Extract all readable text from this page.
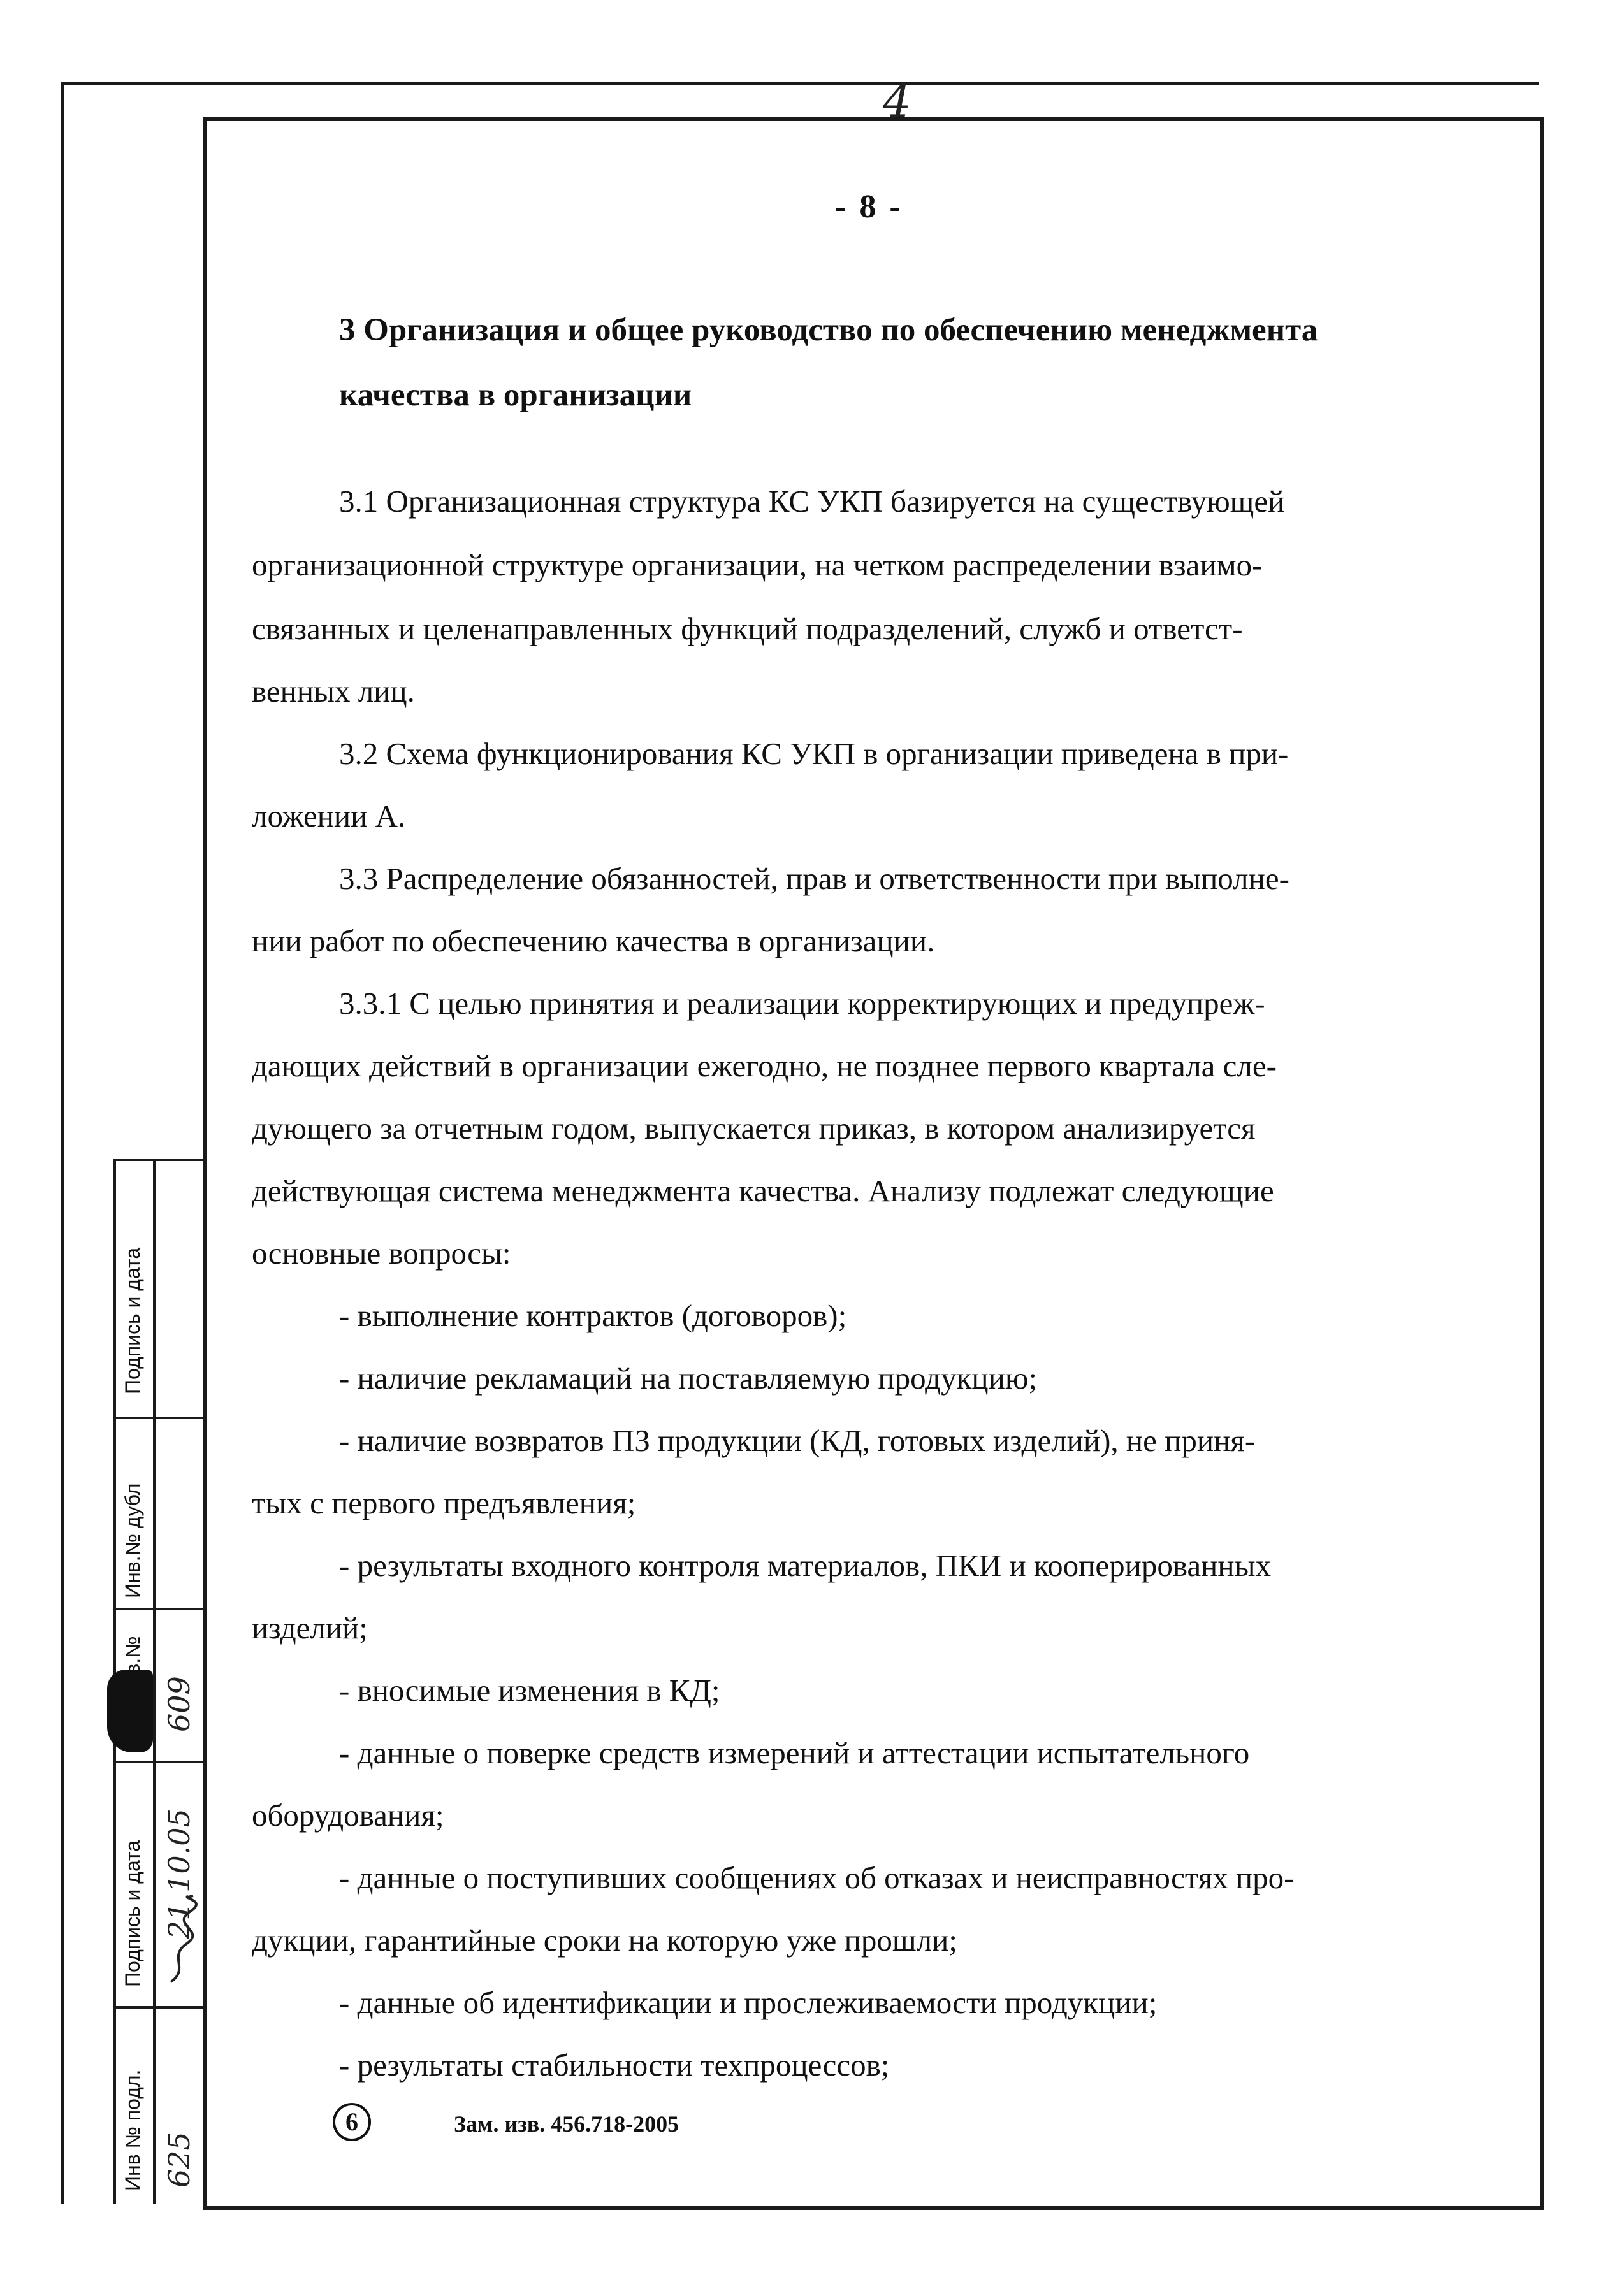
4
- 8 -
3 Организация и общее руководство по обеспечению менеджмента
качества в организации
3.1 Организационная структура КС УКП базируется на существующей
организационной структуре организации, на четком распределении взаимо-
связанных и целенаправленных функций подразделений, служб и ответст-
венных лиц.
3.2 Схема функционирования КС УКП в организации приведена в при-
ложении А.
3.3 Распределение обязанностей, прав и ответственности при выполне-
нии работ по обеспечению качества в организации.
3.3.1 С целью принятия и реализации корректирующих и предупреж-
дающих действий в организации ежегодно, не позднее первого квартала сле-
дующего за отчетным годом, выпускается приказ, в котором анализируется
действующая система менеджмента качества. Анализу подлежат следующие
основные вопросы:
- выполнение контрактов (договоров);
- наличие рекламаций на поставляемую продукцию;
- наличие возвратов ПЗ продукции (КД, готовых изделий), не приня-
тых с первого предъявления;
- результаты входного контроля материалов, ПКИ и кооперированных
изделий;
- вносимые изменения в КД;
- данные о поверке средств измерений и аттестации испытательного
оборудования;
- данные о поступивших сообщениях об отказах и неисправностях про-
дукции, гарантийные сроки на которую уже прошли;
- данные об идентификации и прослеживаемости продукции;
- результаты стабильности техпроцессов;
6	Зам. изв. 456.718-2005
Подпись и дата
Инв.№ дубл
Подпись и дата
Инв № подл.
609
21.10.05
625
